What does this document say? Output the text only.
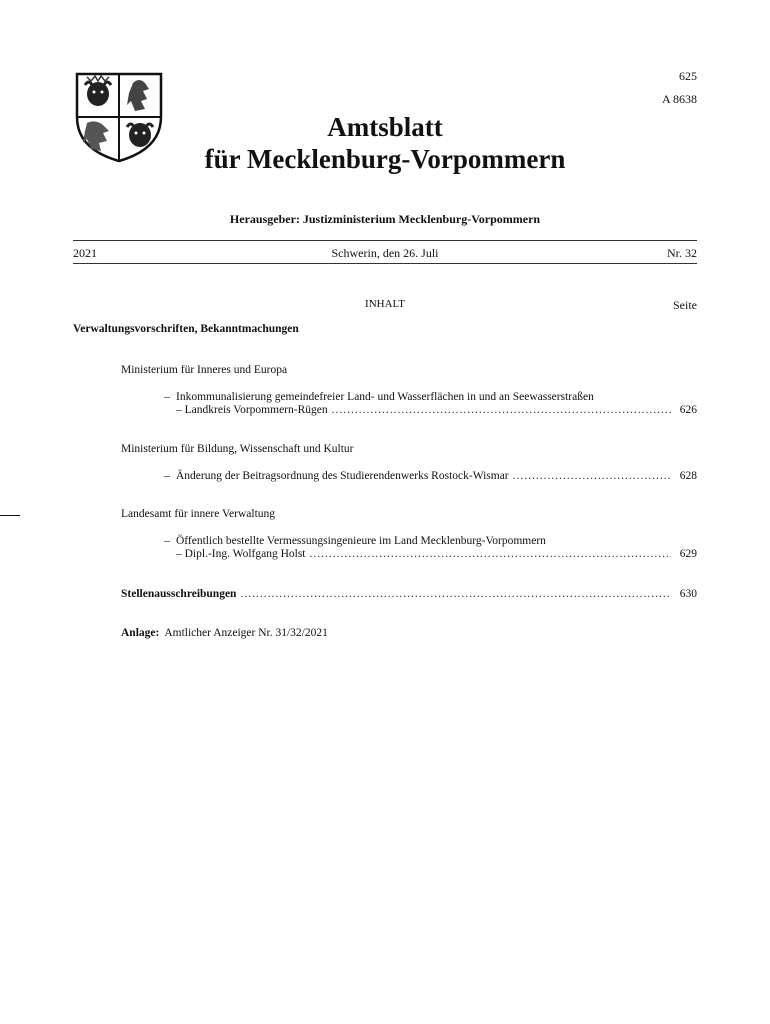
625
A 8638
Amtsblatt
für Mecklenburg-Vorpommern
Herausgeber: Justizministerium Mecklenburg-Vorpommern
2021	Schwerin, den 26. Juli	Nr. 32
INHALT	Seite
Verwaltungsvorschriften, Bekanntmachungen
Ministerium für Inneres und Europa
– Inkommunalisierung gemeindefreier Land- und Wasserflächen in und an Seewasserstraßen
– Landkreis Vorpommern-Rügen .....	626
Ministerium für Bildung, Wissenschaft und Kultur
– Änderung der Beitragsordnung des Studierendenwerks Rostock-Wismar .....	628
Landesamt für innere Verwaltung
– Öffentlich bestellte Vermessungsingenieure im Land Mecklenburg-Vorpommern
– Dipl.-Ing. Wolfgang Holst .....	629
Stellenausschreibungen .....	630
Anlage: Amtlicher Anzeiger Nr. 31/32/2021
